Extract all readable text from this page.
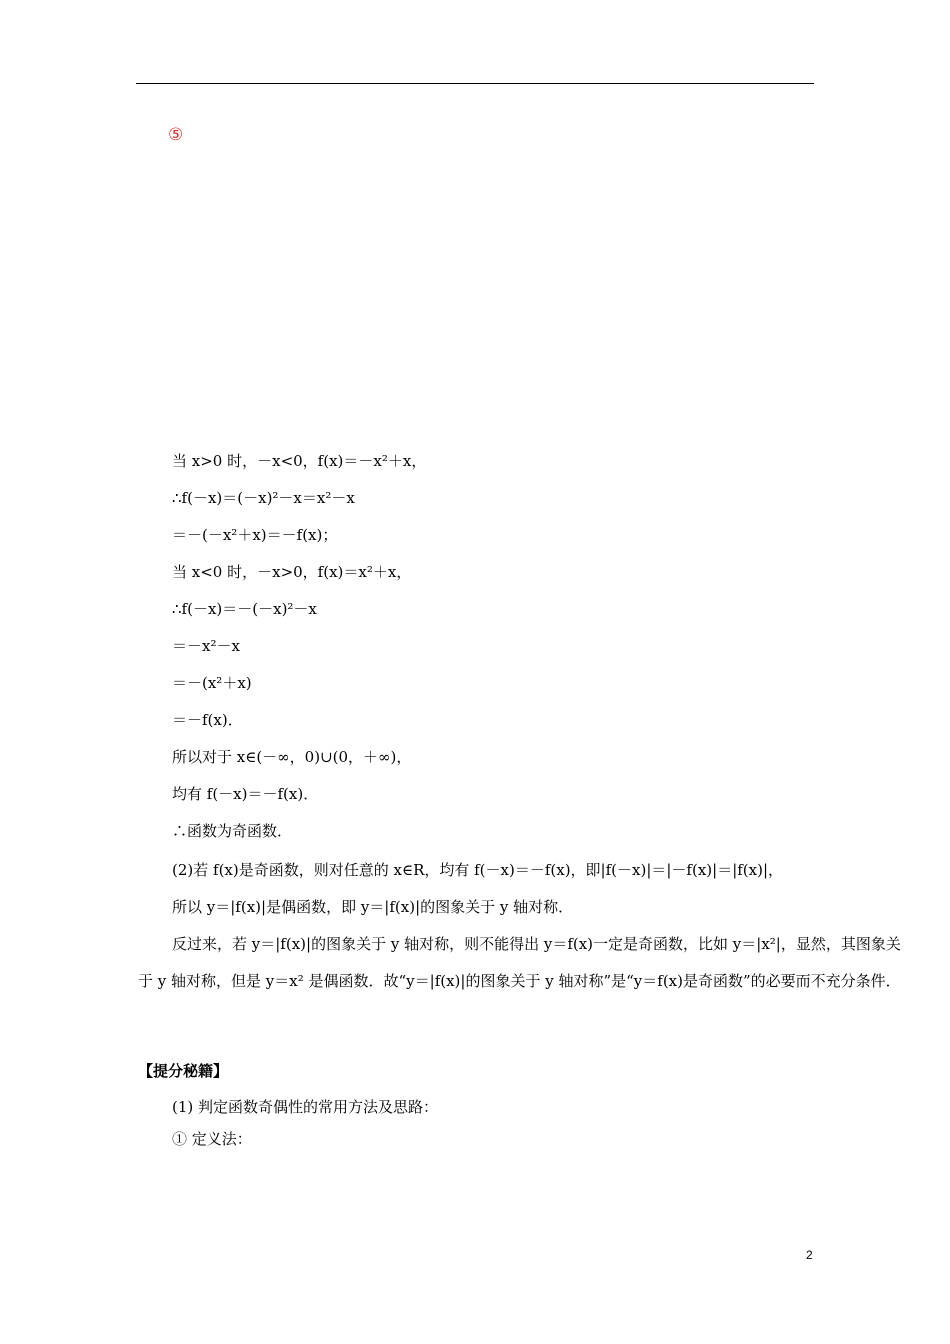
⑤
当 x>0 时，－x<0，f(x)＝－x²＋x，
∴f(－x)＝(－x)²－x＝x²－x
＝－(－x²＋x)＝－f(x)；
当 x<0 时，－x>0，f(x)＝x²＋x，
∴f(－x)＝－(－x)²－x
＝－x²－x
＝－(x²＋x)
＝－f(x)．
所以对于 x∈(－∞，0)∪(0，＋∞)，
均有 f(－x)＝－f(x)．
∴函数为奇函数．
(2)若 f(x)是奇函数，则对任意的 x∈R，均有 f(－x)＝－f(x)，即|f(－x)|＝|－f(x)|＝|f(x)|，
所以 y＝|f(x)|是偶函数，即 y＝|f(x)|的图象关于 y 轴对称．
反过来，若 y＝|f(x)|的图象关于 y 轴对称，则不能得出 y＝f(x)一定是奇函数，比如 y＝|x²|，显然，其图象关于 y 轴对称，但是 y＝x² 是偶函数．故“y＝|f(x)|的图象关于 y 轴对称”是“y＝f(x)是奇函数”的必要而不充分条件．
【提分秘籍】
(1) 判定函数奇偶性的常用方法及思路：
① 定义法：
2
